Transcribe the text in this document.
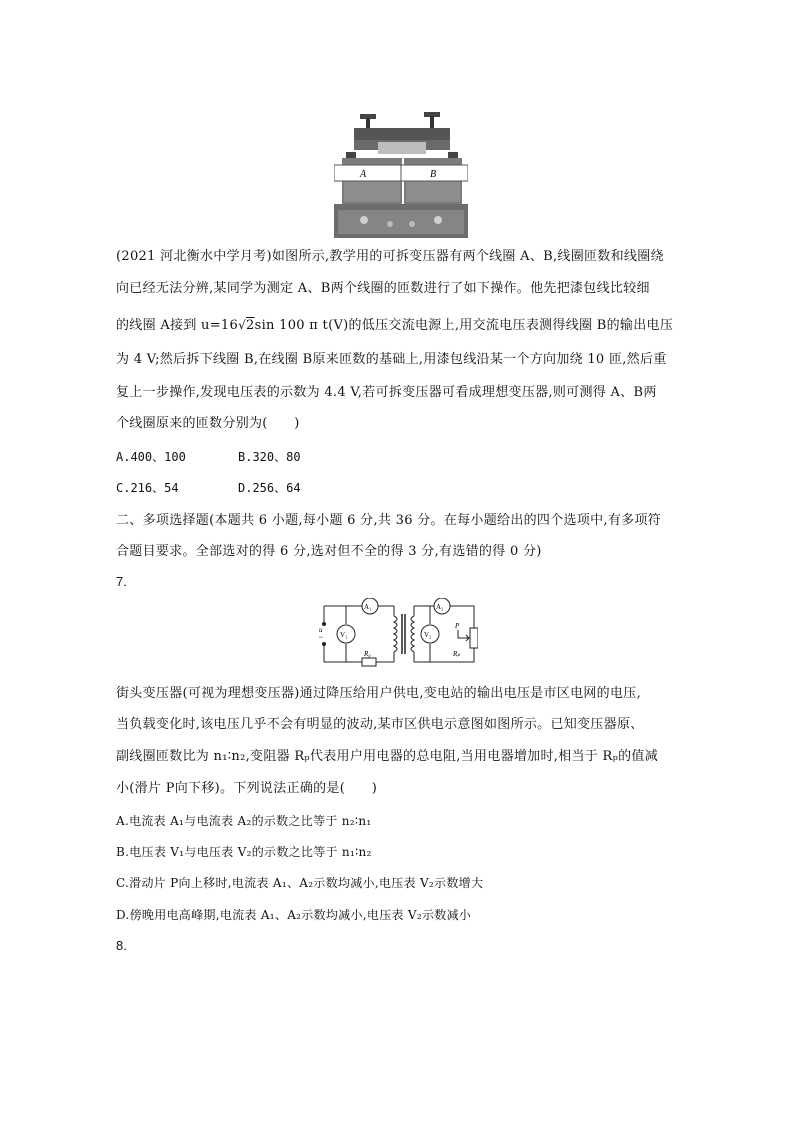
A	B
(2021 河北衡水中学月考)如图所示,教学用的可拆变压器有两个线圈 A、B,线圈匝数和线圈绕
向已经无法分辨,某同学为测定 A、B两个线圈的匝数进行了如下操作。他先把漆包线比较细
的线圈 A接到 u=16√2sin 100 π t(V)的低压交流电源上,用交流电压表测得线圈 B的输出电压
为 4 V;然后拆下线圈 B,在线圈 B原来匝数的基础上,用漆包线沿某一个方向加绕 10 匝,然后重
复上一步操作,发现电压表的示数为 4.4 V,若可拆变压器可看成理想变压器,则可测得 A、B两
个线圈原来的匝数分别为(　　)
A.400、100	B.320、80
C.216、54	D.256、64
二、多项选择题(本题共 6 小题,每小题 6 分,共 36 分。在每小题给出的四个选项中,有多项符
合题目要求。全部选对的得 6 分,选对但不全的得 3 分,有选错的得 0 分)
7.
u
~
A₁
V₁
R₀
A₂
V₂
P
Rₚ
街头变压器(可视为理想变压器)通过降压给用户供电,变电站的输出电压是市区电网的电压,
当负载变化时,该电压几乎不会有明显的波动,某市区供电示意图如图所示。已知变压器原、
副线圈匝数比为 n₁∶n₂,变阻器 Rₚ代表用户用电器的总电阻,当用电器增加时,相当于 Rₚ的值减
小(滑片 P向下移)。下列说法正确的是(　　)
A.电流表 A₁与电流表 A₂的示数之比等于 n₂∶n₁
B.电压表 V₁与电压表 V₂的示数之比等于 n₁∶n₂
C.滑动片 P向上移时,电流表 A₁、A₂示数均减小,电压表 V₂示数增大
D.傍晚用电高峰期,电流表 A₁、A₂示数均减小,电压表 V₂示数减小
8.
